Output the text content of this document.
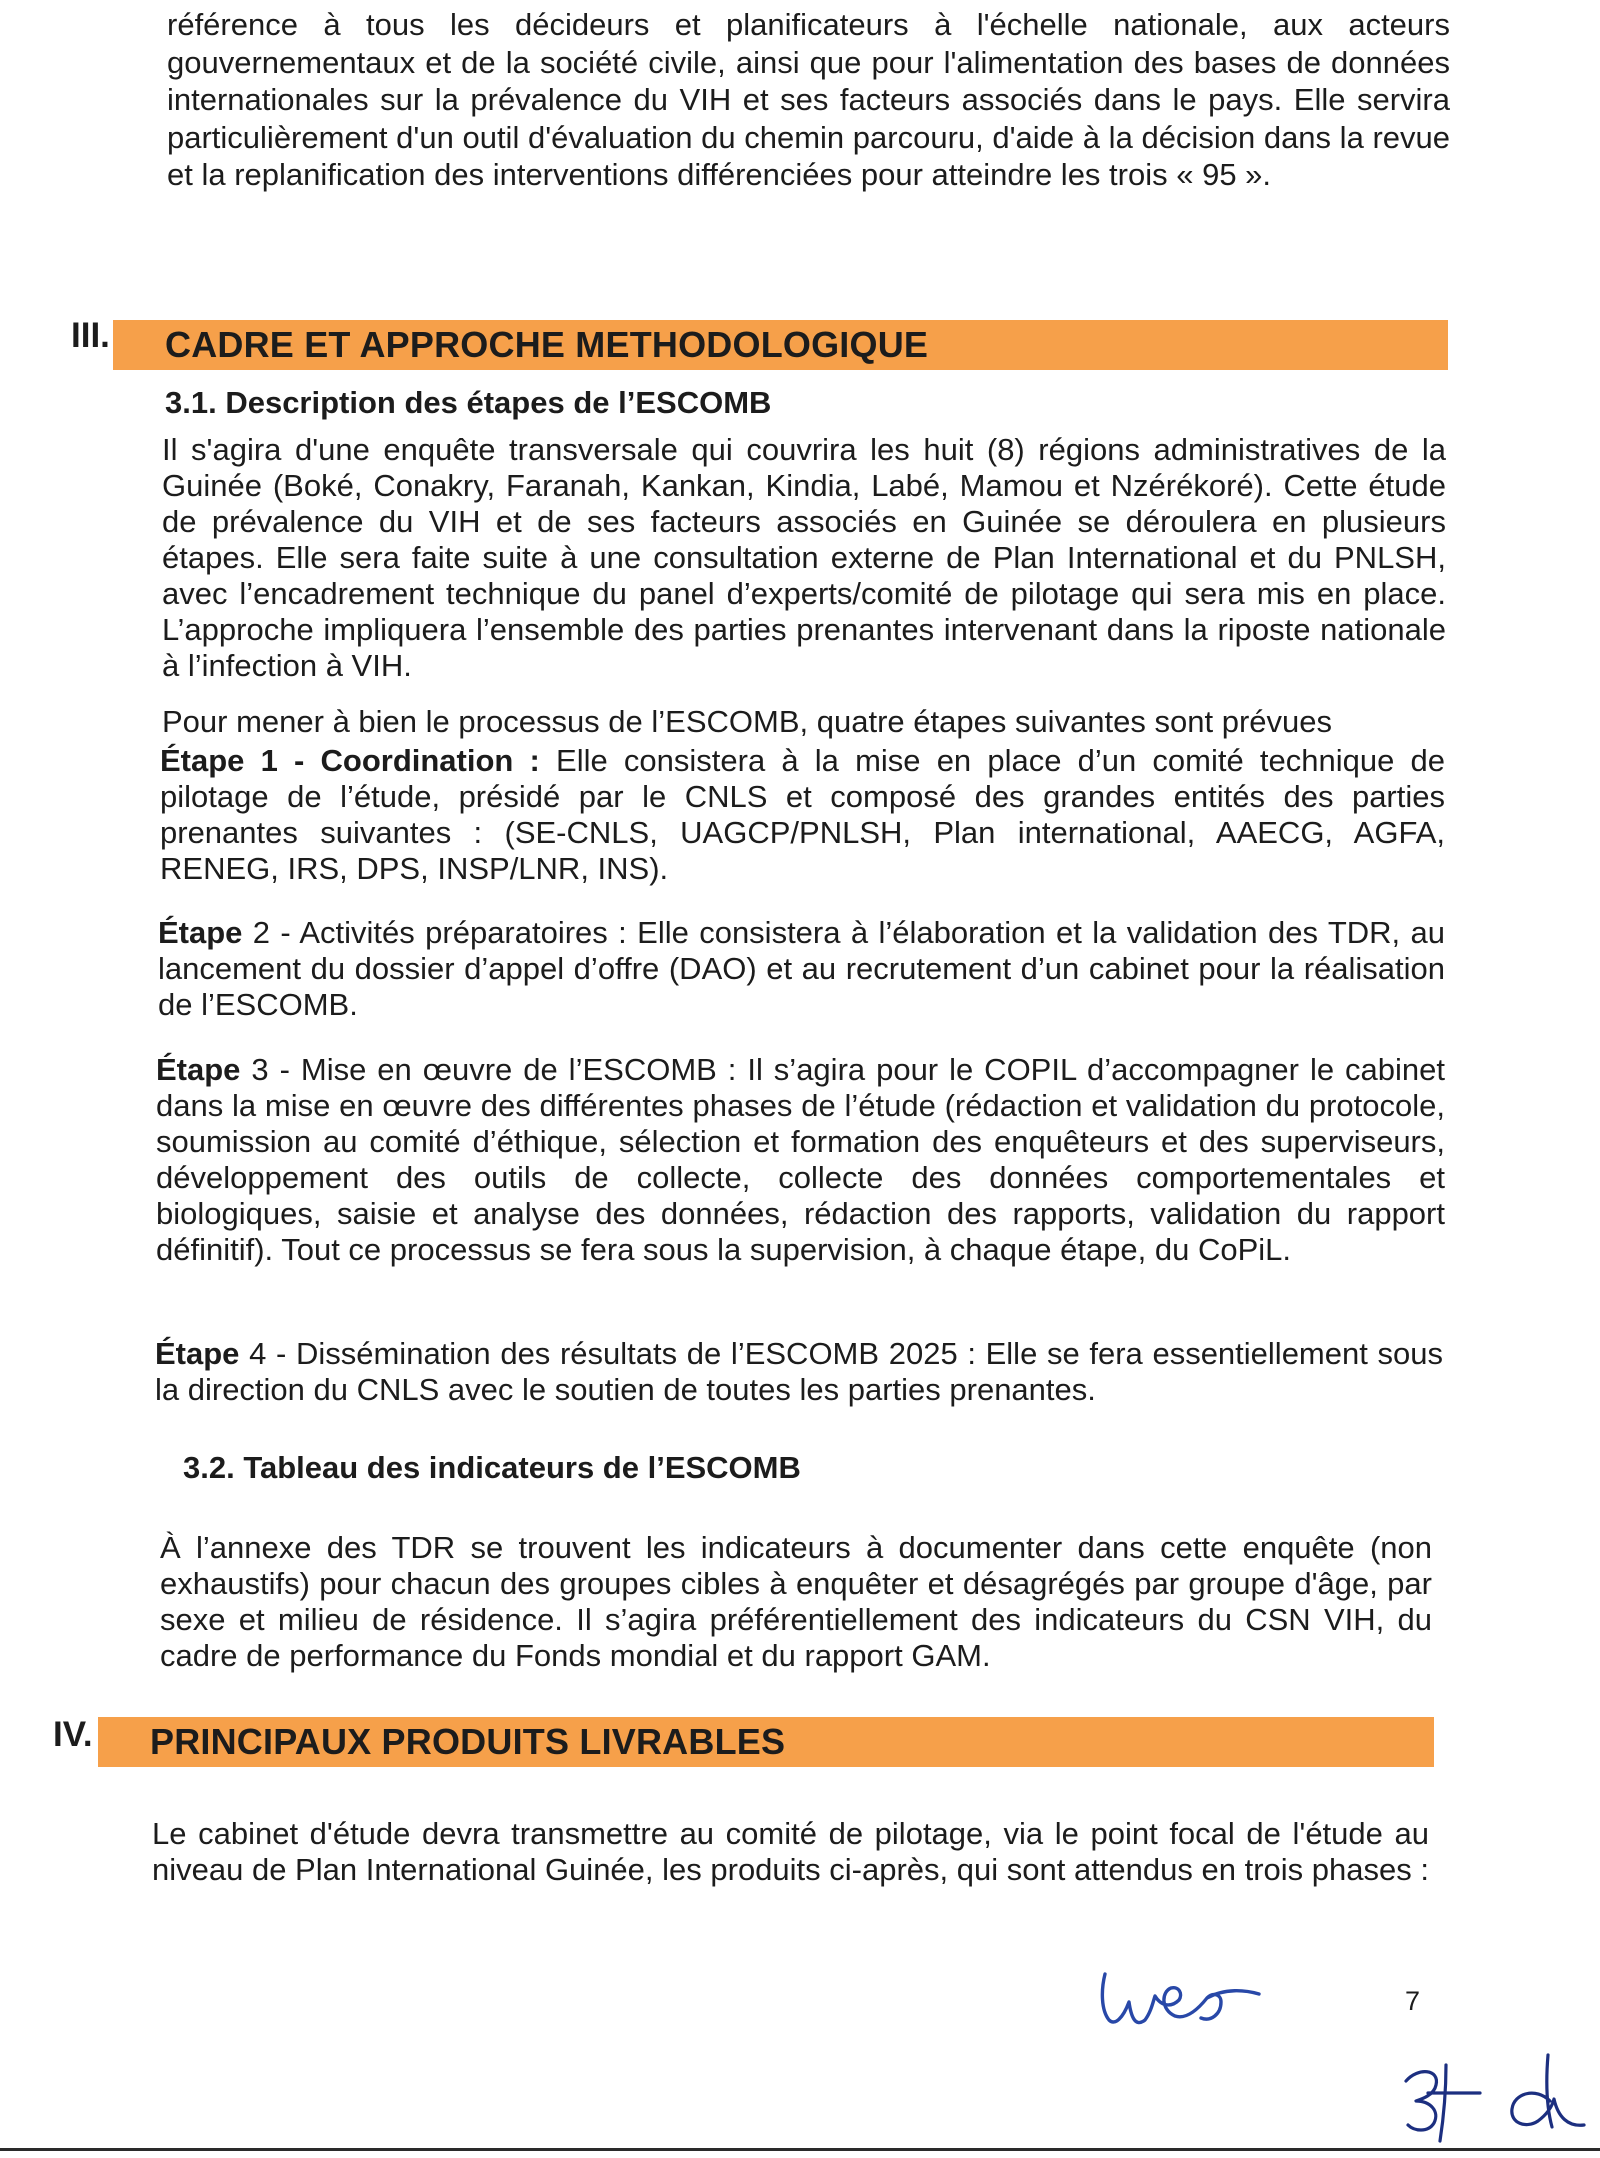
référence à tous les décideurs et planificateurs à l'échelle nationale, aux acteurs gouvernementaux et de la société civile, ainsi que pour l'alimentation des bases de données internationales sur la prévalence du VIH et ses facteurs associés dans le pays. Elle servira particulièrement d'un outil d'évaluation du chemin parcouru, d'aide à la décision dans la revue et la replanification des interventions différenciées pour atteindre les trois « 95 ».

III. CADRE ET APPROCHE METHODOLOGIQUE

3.1. Description des étapes de l’ESCOMB

Il s'agira d'une enquête transversale qui couvrira les huit (8) régions administratives de la Guinée (Boké, Conakry, Faranah, Kankan, Kindia, Labé, Mamou et Nzérékoré). Cette étude de prévalence du VIH et de ses facteurs associés en Guinée se déroulera en plusieurs étapes. Elle sera faite suite à une consultation externe de Plan International et du PNLSH, avec l’encadrement technique du panel d’experts/comité de pilotage qui sera mis en place. L’approche impliquera l’ensemble des parties prenantes intervenant dans la riposte nationale à l’infection à VIH.

Pour mener à bien le processus de l’ESCOMB, quatre étapes suivantes sont prévues

Étape 1 - Coordination : Elle consistera à la mise en place d’un comité technique de pilotage de l’étude, présidé par le CNLS et composé des grandes entités des parties prenantes suivantes : (SE-CNLS, UAGCP/PNLSH, Plan international, AAECG, AGFA, RENEG, IRS, DPS, INSP/LNR, INS).

Étape 2 - Activités préparatoires : Elle consistera à l’élaboration et la validation des TDR, au lancement du dossier d’appel d’offre (DAO) et au recrutement d’un cabinet pour la réalisation de l’ESCOMB.

Étape 3 - Mise en œuvre de l’ESCOMB : Il s’agira pour le COPIL d’accompagner le cabinet dans la mise en œuvre des différentes phases de l’étude (rédaction et validation du protocole, soumission au comité d’éthique, sélection et formation des enquêteurs et des superviseurs, développement des outils de collecte, collecte des données comportementales et biologiques, saisie et analyse des données, rédaction des rapports, validation du rapport définitif). Tout ce processus se fera sous la supervision, à chaque étape, du CoPiL.

Étape 4 - Dissémination des résultats de l’ESCOMB 2025 : Elle se fera essentiellement sous la direction du CNLS avec le soutien de toutes les parties prenantes.

3.2. Tableau des indicateurs de l’ESCOMB

À l’annexe des TDR se trouvent les indicateurs à documenter dans cette enquête (non exhaustifs) pour chacun des groupes cibles à enquêter et désagrégés par groupe d'âge, par sexe et milieu de résidence. Il s’agira préférentiellement des indicateurs du CSN VIH, du cadre de performance du Fonds mondial et du rapport GAM.

IV. PRINCIPAUX PRODUITS LIVRABLES

Le cabinet d'étude devra transmettre au comité de pilotage, via le point focal de l'étude au niveau de Plan International Guinée, les produits ci-après, qui sont attendus en trois phases :

7
